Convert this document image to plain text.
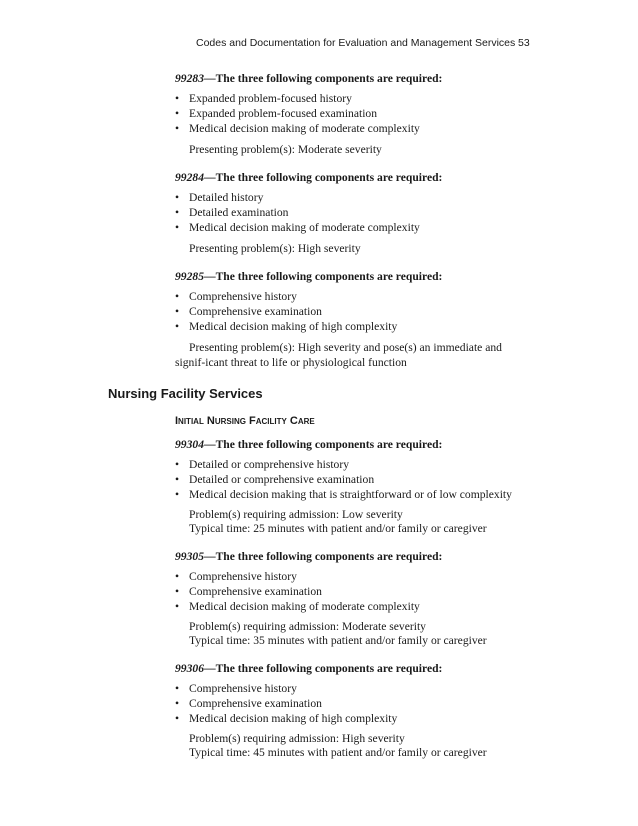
Codes and Documentation for Evaluation and Management Services 53

99283—The three following components are required:

• Expanded problem-focused history
• Expanded problem-focused examination
• Medical decision making of moderate complexity

Presenting problem(s): Moderate severity

99284—The three following components are required:

• Detailed history
• Detailed examination
• Medical decision making of moderate complexity

Presenting problem(s): High severity

99285—The three following components are required:

• Comprehensive history
• Comprehensive examination
• Medical decision making of high complexity

Presenting problem(s): High severity and pose(s) an immediate and signif-icant threat to life or physiological function

Nursing Facility Services

Initial Nursing Facility Care

99304—The three following components are required:

• Detailed or comprehensive history
• Detailed or comprehensive examination
• Medical decision making that is straightforward or of low complexity

Problem(s) requiring admission: Low severity

Typical time: 25 minutes with patient and/or family or caregiver

99305—The three following components are required:

• Comprehensive history
• Comprehensive examination
• Medical decision making of moderate complexity

Problem(s) requiring admission: Moderate severity

Typical time: 35 minutes with patient and/or family or caregiver

99306—The three following components are required:

• Comprehensive history
• Comprehensive examination
• Medical decision making of high complexity

Problem(s) requiring admission: High severity

Typical time: 45 minutes with patient and/or family or caregiver
